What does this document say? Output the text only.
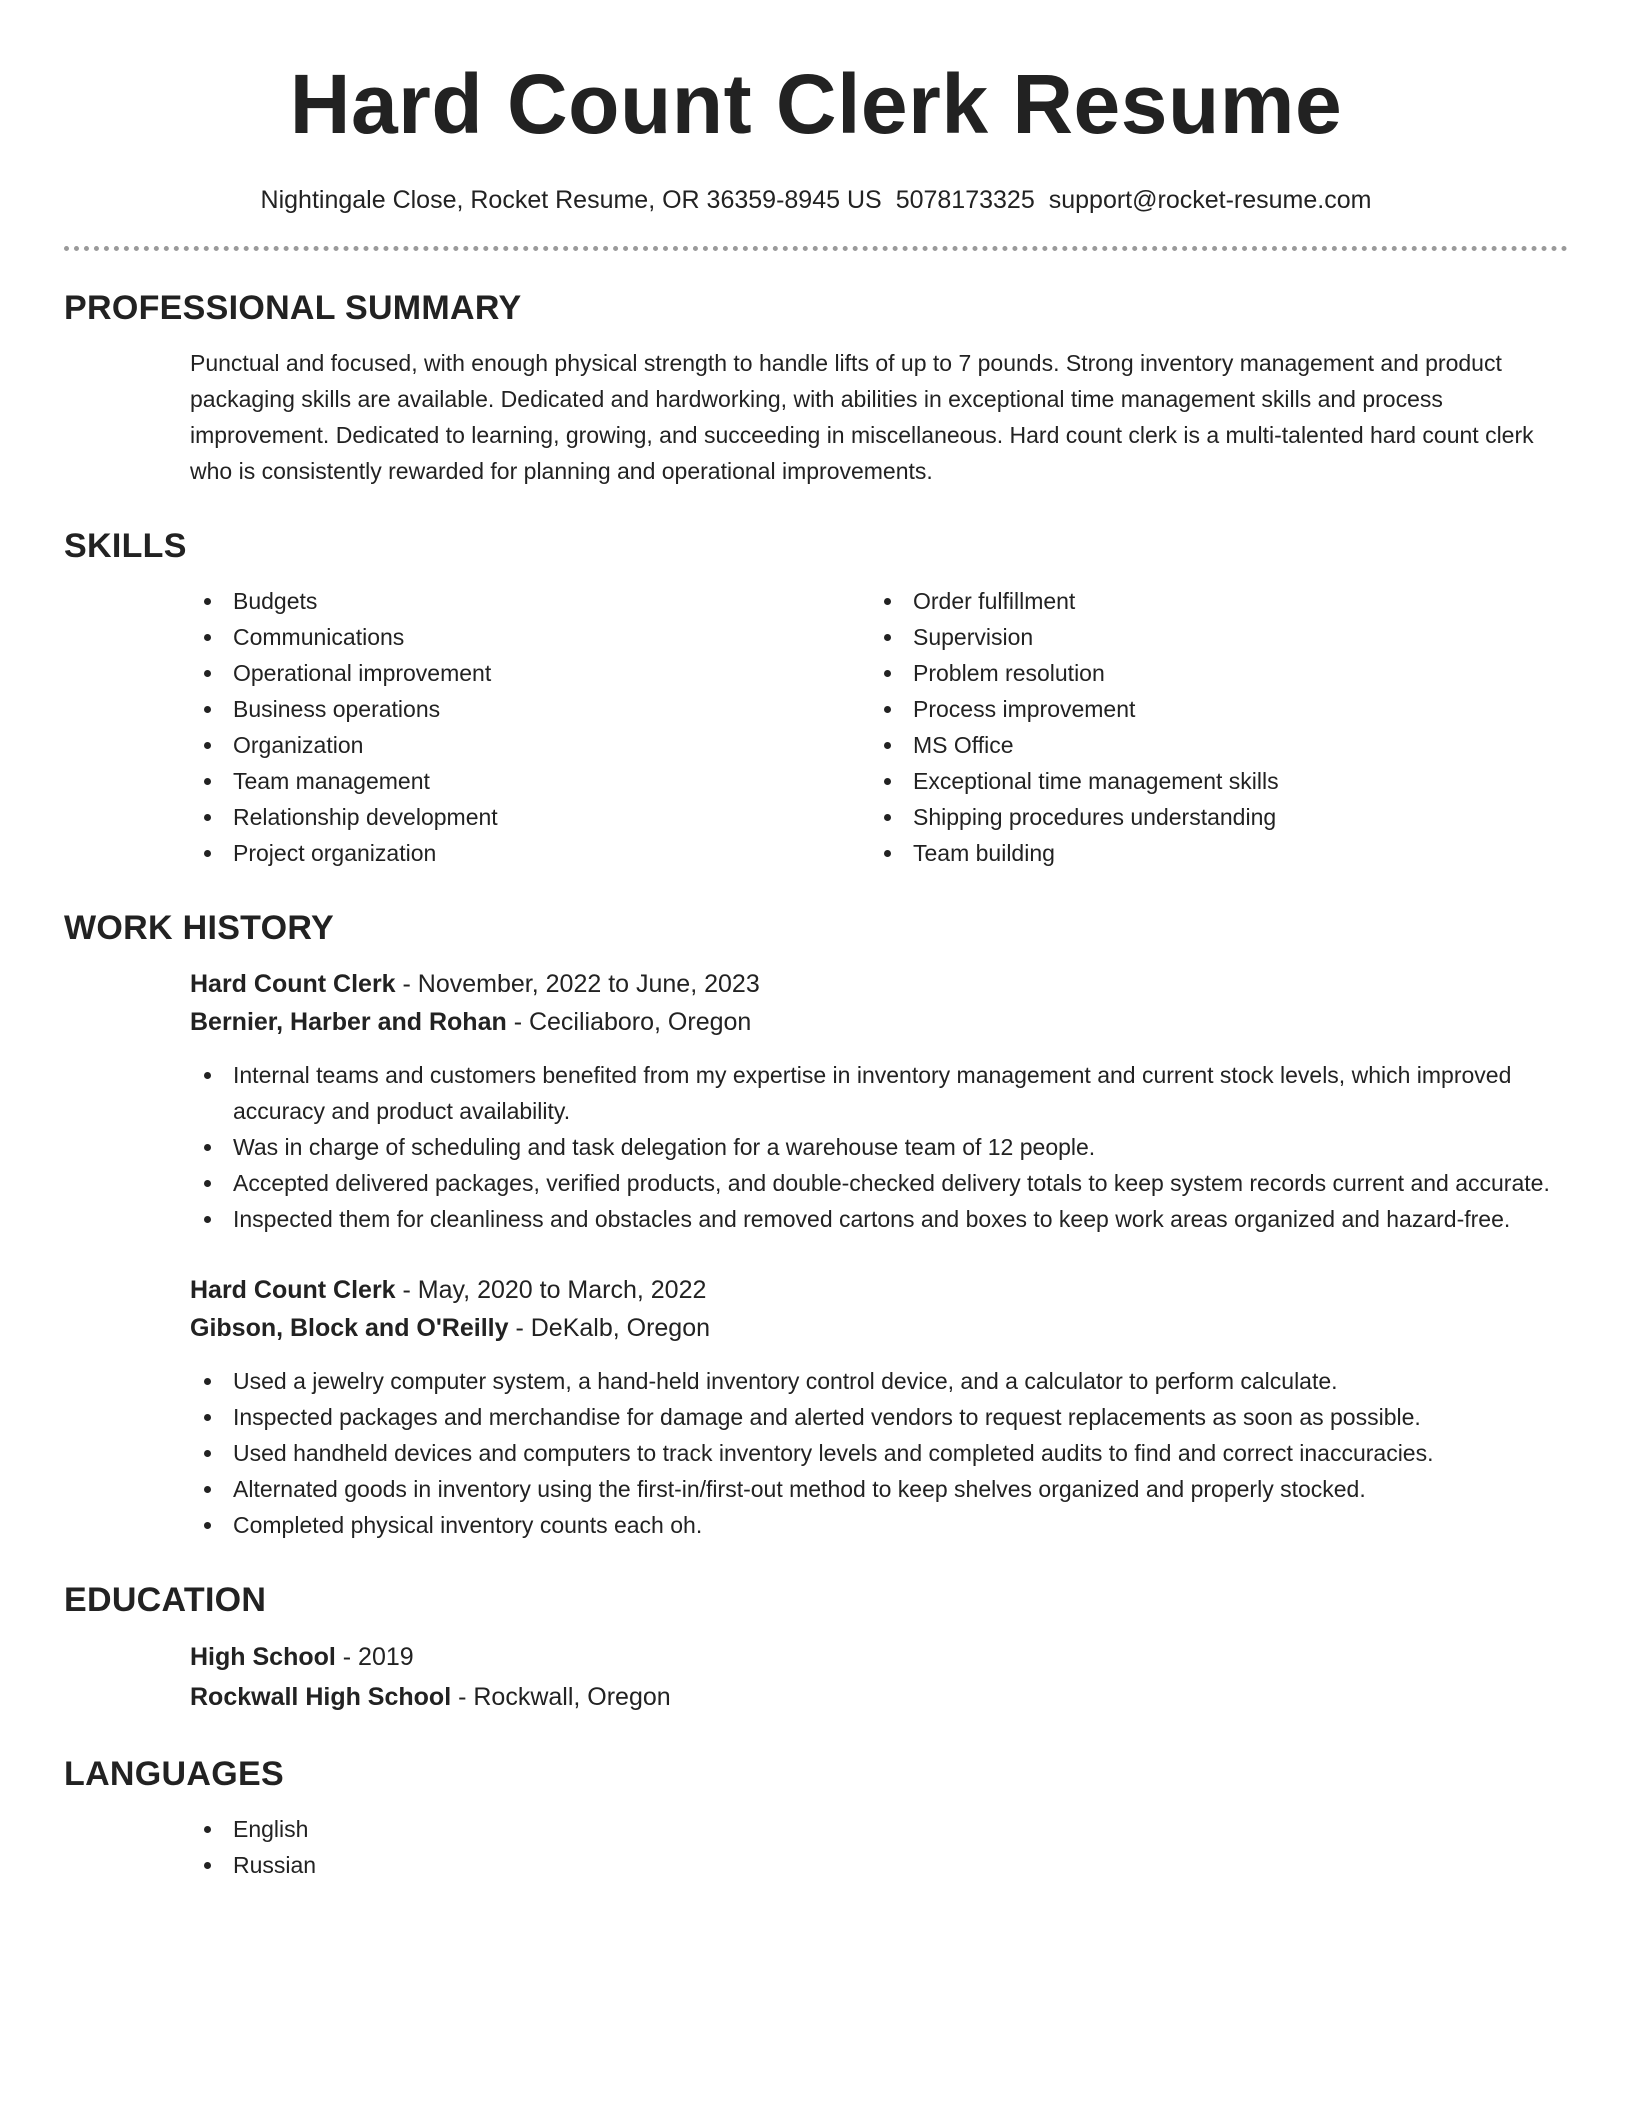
Hard Count Clerk Resume
Nightingale Close, Rocket Resume, OR 36359-8945 US 5078173325 support@rocket-resume.com
PROFESSIONAL SUMMARY

Punctual and focused, with enough physical strength to handle lifts of up to 7 pounds. Strong inventory management and product packaging skills are available. Dedicated and hardworking, with abilities in exceptional time management skills and process improvement. Dedicated to learning, growing, and succeeding in miscellaneous. Hard count clerk is a multi-talented hard count clerk who is consistently rewarded for planning and operational improvements.

SKILLS
Budgets
Communications
Operational improvement
Business operations
Organization
Team management
Relationship development
Project organization
Order fulfillment
Supervision
Problem resolution
Process improvement
MS Office
Exceptional time management skills
Shipping procedures understanding
Team building
WORK HISTORY
Hard Count Clerk - November, 2022 to June, 2023
Bernier, Harber and Rohan - Ceciliaboro, Oregon
Internal teams and customers benefited from my expertise in inventory management and current stock levels, which improved accuracy and product availability.
Was in charge of scheduling and task delegation for a warehouse team of 12 people.
Accepted delivered packages, verified products, and double-checked delivery totals to keep system records current and accurate.
Inspected them for cleanliness and obstacles and removed cartons and boxes to keep work areas organized and hazard-free.
Hard Count Clerk - May, 2020 to March, 2022
Gibson, Block and O'Reilly - DeKalb, Oregon
Used a jewelry computer system, a hand-held inventory control device, and a calculator to perform calculate.
Inspected packages and merchandise for damage and alerted vendors to request replacements as soon as possible.
Used handheld devices and computers to track inventory levels and completed audits to find and correct inaccuracies.
Alternated goods in inventory using the first-in/first-out method to keep shelves organized and properly stocked.
Completed physical inventory counts each oh.
EDUCATION
High School - 2019
Rockwall High School - Rockwall, Oregon
LANGUAGES
English
Russian
